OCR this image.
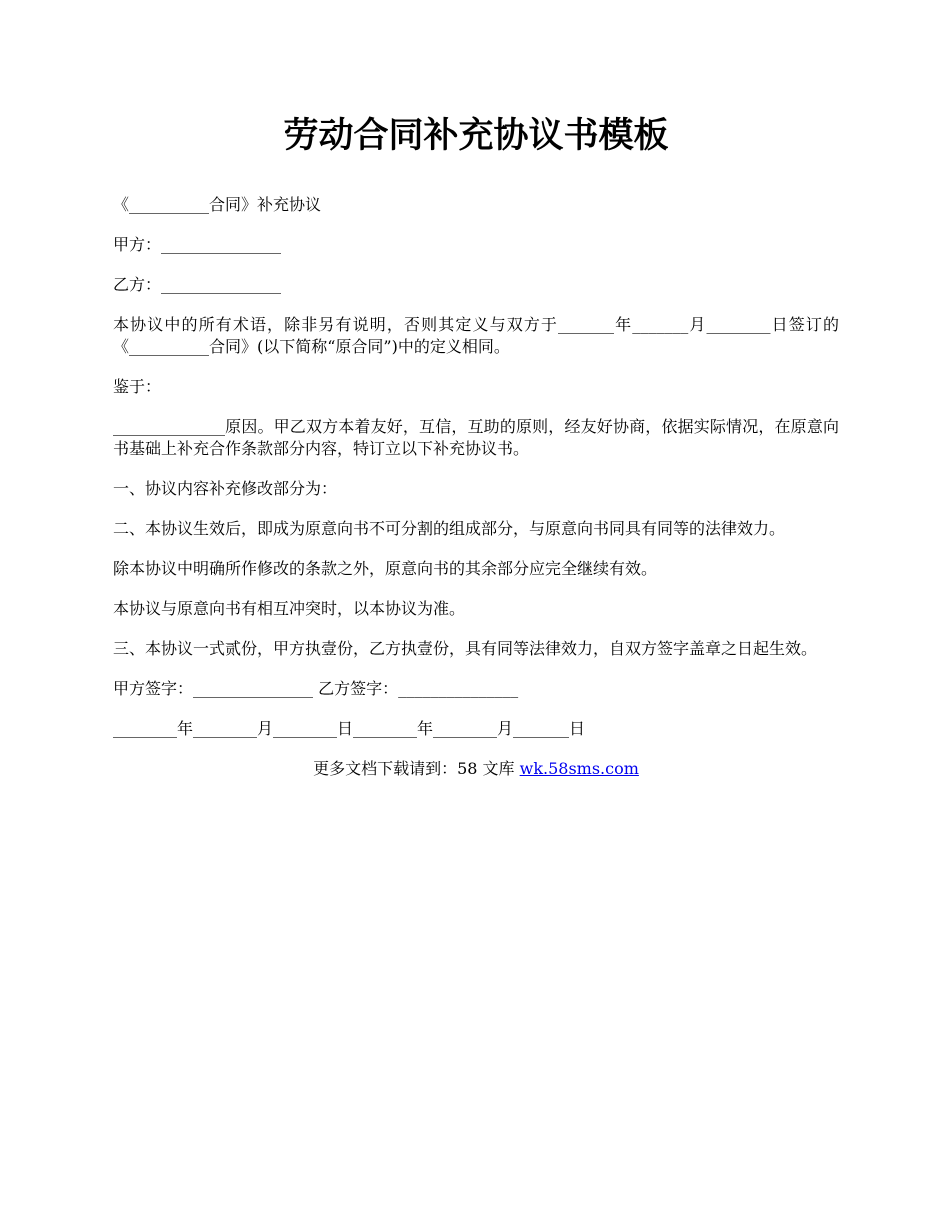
劳动合同补充协议书模板

《__________合同》补充协议

甲方：_______________

乙方：_______________

本协议中的所有术语，除非另有说明，否则其定义与双方于_______年_______月________日签订的《__________合同》(以下简称“原合同”)中的定义相同。

鉴于：

______________原因。甲乙双方本着友好，互信，互助的原则，经友好协商，依据实际情况，在原意向书基础上补充合作条款部分内容，特订立以下补充协议书。

一、协议内容补充修改部分为：

二、本协议生效后，即成为原意向书不可分割的组成部分，与原意向书同具有同等的法律效力。

除本协议中明确所作修改的条款之外，原意向书的其余部分应完全继续有效。

本协议与原意向书有相互冲突时，以本协议为准。

三、本协议一式贰份，甲方执壹份，乙方执壹份，具有同等法律效力，自双方签字盖章之日起生效。

甲方签字：_______________ 乙方签字：_______________

________年________月________日________年________月_______日

更多文档下载请到：58 文库 wk.58sms.com
